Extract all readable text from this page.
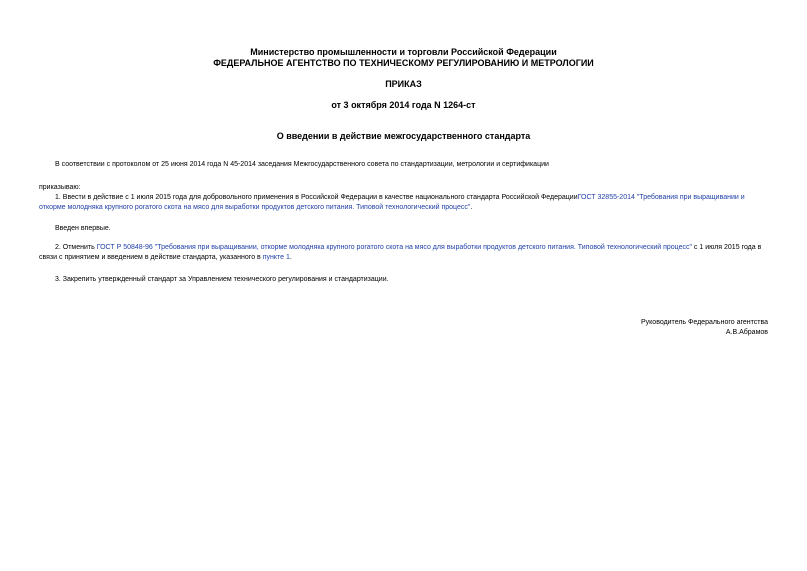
Министерство промышленности и торговли Российской Федерации
ФЕДЕРАЛЬНОЕ АГЕНТСТВО ПО ТЕХНИЧЕСКОМУ РЕГУЛИРОВАНИЮ И МЕТРОЛОГИИ
ПРИКАЗ
от 3 октября 2014 года N 1264-ст
О введении в действие межгосударственного стандарта
В соответствии с протоколом от 25 июня 2014 года N 45-2014 заседания Межгосударственного совета по стандартизации, метрологии и сертификации
приказываю:
1. Ввести в действие с 1 июля 2015 года для добровольного применения в Российской Федерации в качестве национального стандарта Российской ФедерацииГОСТ 32855-2014 "Требования при выращивании и откорме молодняка крупного рогатого скота на мясо для выработки продуктов детского питания. Типовой технологический процесс".
Введен впервые.
2. Отменить ГОСТ Р 50848-96 "Требования при выращивании, откорме молодняка крупного рогатого скота на мясо для выработки продуктов детского питания. Типовой технологический процесс" с 1 июля 2015 года в связи с принятием и введением в действие стандарта, указанного в пункте 1.
3. Закрепить утвержденный стандарт за Управлением технического регулирования и стандартизации.
Руководитель Федерального агентства
А.В.Абрамов
